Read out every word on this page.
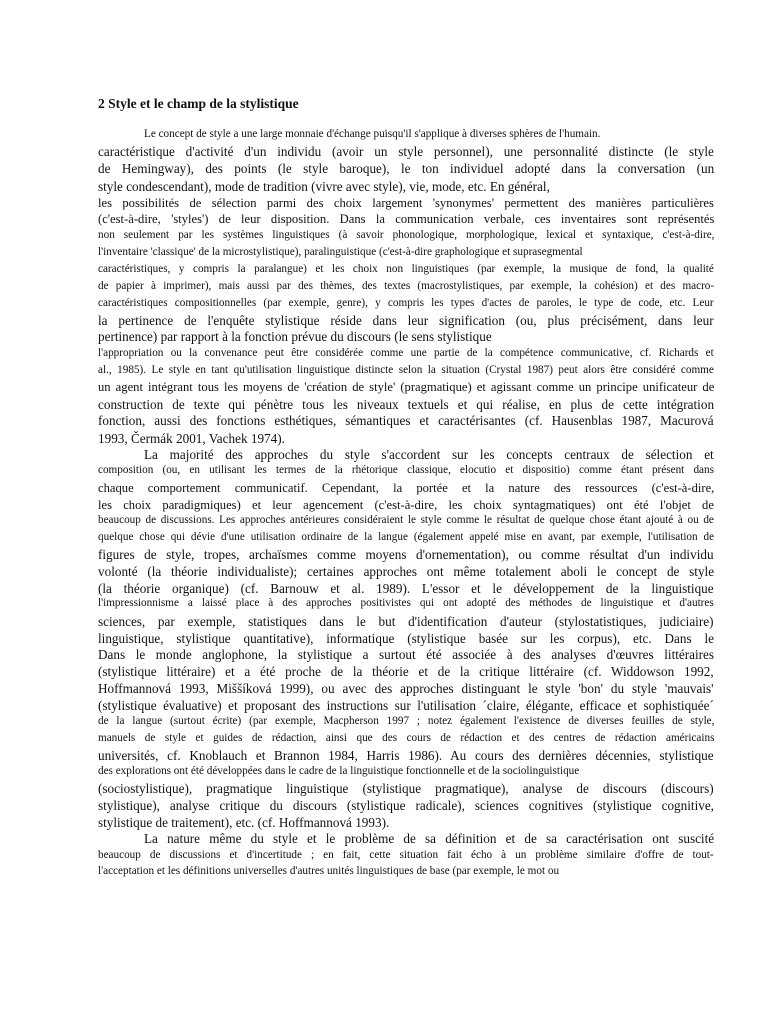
2 Style et le champ de la stylistique
Le concept de style a une large monnaie d'échange puisqu'il s'applique à diverses sphères de l'humain.
caractéristique d'activité d'un individu (avoir un style personnel), une personnalité distincte (le style
de Hemingway), des points (le style baroque), le ton individuel adopté dans la conversation (un
style condescendant), mode de tradition (vivre avec style), vie, mode, etc. En général,
les possibilités de sélection parmi des choix largement 'synonymes' permettent des manières particulières
(c'est-à-dire, 'styles') de leur disposition. Dans la communication verbale, ces inventaires sont représentés
non seulement par les systèmes linguistiques (à savoir phonologique, morphologique, lexical et syntaxique, c'est-à-dire,
l'inventaire 'classique' de la microstylistique), paralinguistique (c'est-à-dire graphologique et suprasegmental
caractéristiques, y compris la paralangue) et les choix non linguistiques (par exemple, la musique de fond, la qualité
de papier à imprimer), mais aussi par des thèmes, des textes (macrostylistiques, par exemple, la cohésion) et des macro-
caractéristiques compositionnelles (par exemple, genre), y compris les types d'actes de paroles, le type de code, etc. Leur
la pertinence de l'enquête stylistique réside dans leur signification (ou, plus précisément, dans leur
pertinence) par rapport à la fonction prévue du discours (le sens stylistique
l'appropriation ou la convenance peut être considérée comme une partie de la compétence communicative, cf. Richards et
al., 1985). Le style en tant qu'utilisation linguistique distincte selon la situation (Crystal 1987) peut alors être considéré comme
un agent intégrant tous les moyens de 'création de style' (pragmatique) et agissant comme un principe unificateur de
construction de texte qui pénètre tous les niveaux textuels et qui réalise, en plus de cette intégration
fonction, aussi des fonctions esthétiques, sémantiques et caractérisantes (cf. Hausenblas 1987, Macurová
1993, Čermák 2001, Vachek 1974).
La majorité des approches du style s'accordent sur les concepts centraux de sélection et
composition (ou, en utilisant les termes de la rhétorique classique, elocutio et dispositio) comme étant présent dans
chaque comportement communicatif. Cependant, la portée et la nature des ressources (c'est-à-dire,
les choix paradigmiques) et leur agencement (c'est-à-dire, les choix syntagmatiques) ont été l'objet de
beaucoup de discussions. Les approches antérieures considéraient le style comme le résultat de quelque chose étant ajouté à ou de
quelque chose qui dévie d'une utilisation ordinaire de la langue (également appelé mise en avant, par exemple, l'utilisation de
figures de style, tropes, archaïsmes comme moyens d'ornementation), ou comme résultat d'un individu
volonté (la théorie individualiste); certaines approches ont même totalement aboli le concept de style
(la théorie organique) (cf. Barnouw et al. 1989). L'essor et le développement de la linguistique
l'impressionnisme a laissé place à des approches positivistes qui ont adopté des méthodes de linguistique et d'autres
sciences, par exemple, statistiques dans le but d'identification d'auteur (stylostatistiques, judiciaire)
linguistique, stylistique quantitative), informatique (stylistique basée sur les corpus), etc. Dans le
Dans le monde anglophone, la stylistique a surtout été associée à des analyses d'œuvres littéraires
(stylistique littéraire) et a été proche de la théorie et de la critique littéraire (cf. Widdowson 1992,
Hoffmannová 1993, Miššíková 1999), ou avec des approches distinguant le style 'bon' du style 'mauvais'
(stylistique évaluative) et proposant des instructions sur l'utilisation ´claire, élégante, efficace et sophistiquée´
de la langue (surtout écrite) (par exemple, Macpherson 1997 ; notez également l'existence de diverses feuilles de style,
manuels de style et guides de rédaction, ainsi que des cours de rédaction et des centres de rédaction américains
universités, cf. Knoblauch et Brannon 1984, Harris 1986). Au cours des dernières décennies, stylistique
des explorations ont été développées dans le cadre de la linguistique fonctionnelle et de la sociolinguistique
(sociostylistique), pragmatique linguistique (stylistique pragmatique), analyse de discours (discours)
stylistique), analyse critique du discours (stylistique radicale), sciences cognitives (stylistique cognitive,
stylistique de traitement), etc. (cf. Hoffmannová 1993).
La nature même du style et le problème de sa définition et de sa caractérisation ont suscité
beaucoup de discussions et d'incertitude ; en fait, cette situation fait écho à un problème similaire d'offre de tout-
l'acceptation et les définitions universelles d'autres unités linguistiques de base (par exemple, le mot ou
